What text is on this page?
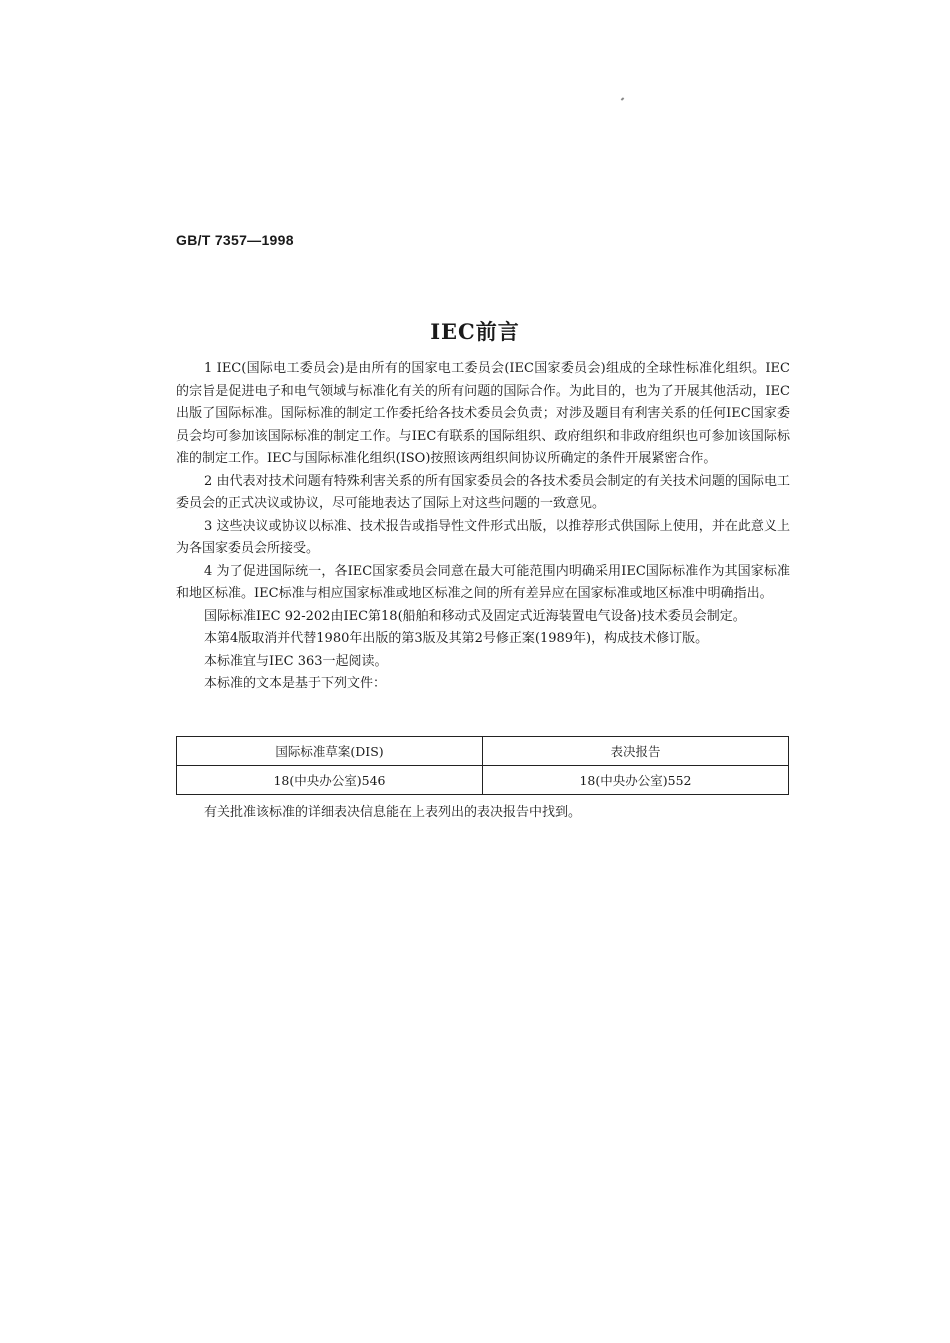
GB/T 7357—1998
IEC前言

1 IEC(国际电工委员会)是由所有的国家电工委员会(IEC国家委员会)组成的全球性标准化组织。IEC的宗旨是促进电子和电气领域与标准化有关的所有问题的国际合作。为此目的，也为了开展其他活动，IEC出版了国际标准。国际标准的制定工作委托给各技术委员会负责；对涉及题目有利害关系的任何IEC国家委员会均可参加该国际标准的制定工作。与IEC有联系的国际组织、政府组织和非政府组织也可参加该国际标准的制定工作。IEC与国际标准化组织(ISO)按照该两组织间协议所确定的条件开展紧密合作。

2 由代表对技术问题有特殊利害关系的所有国家委员会的各技术委员会制定的有关技术问题的国际电工委员会的正式决议或协议，尽可能地表达了国际上对这些问题的一致意见。

3 这些决议或协议以标准、技术报告或指导性文件形式出版，以推荐形式供国际上使用，并在此意义上为各国家委员会所接受。

4 为了促进国际统一，各IEC国家委员会同意在最大可能范围内明确采用IEC国际标准作为其国家标准和地区标准。IEC标准与相应国家标准或地区标准之间的所有差异应在国家标准或地区标准中明确指出。

国际标准IEC 92-202由IEC第18(船舶和移动式及固定式近海装置电气设备)技术委员会制定。

本第4版取消并代替1980年出版的第3版及其第2号修正案(1989年)，构成技术修订版。

本标准宜与IEC 363一起阅读。

本标准的文本是基于下列文件：

国际标准草案(DIS)	表决报告
18(中央办公室)546	18(中央办公室)552
有关批准该标准的详细表决信息能在上表列出的表决报告中找到。
